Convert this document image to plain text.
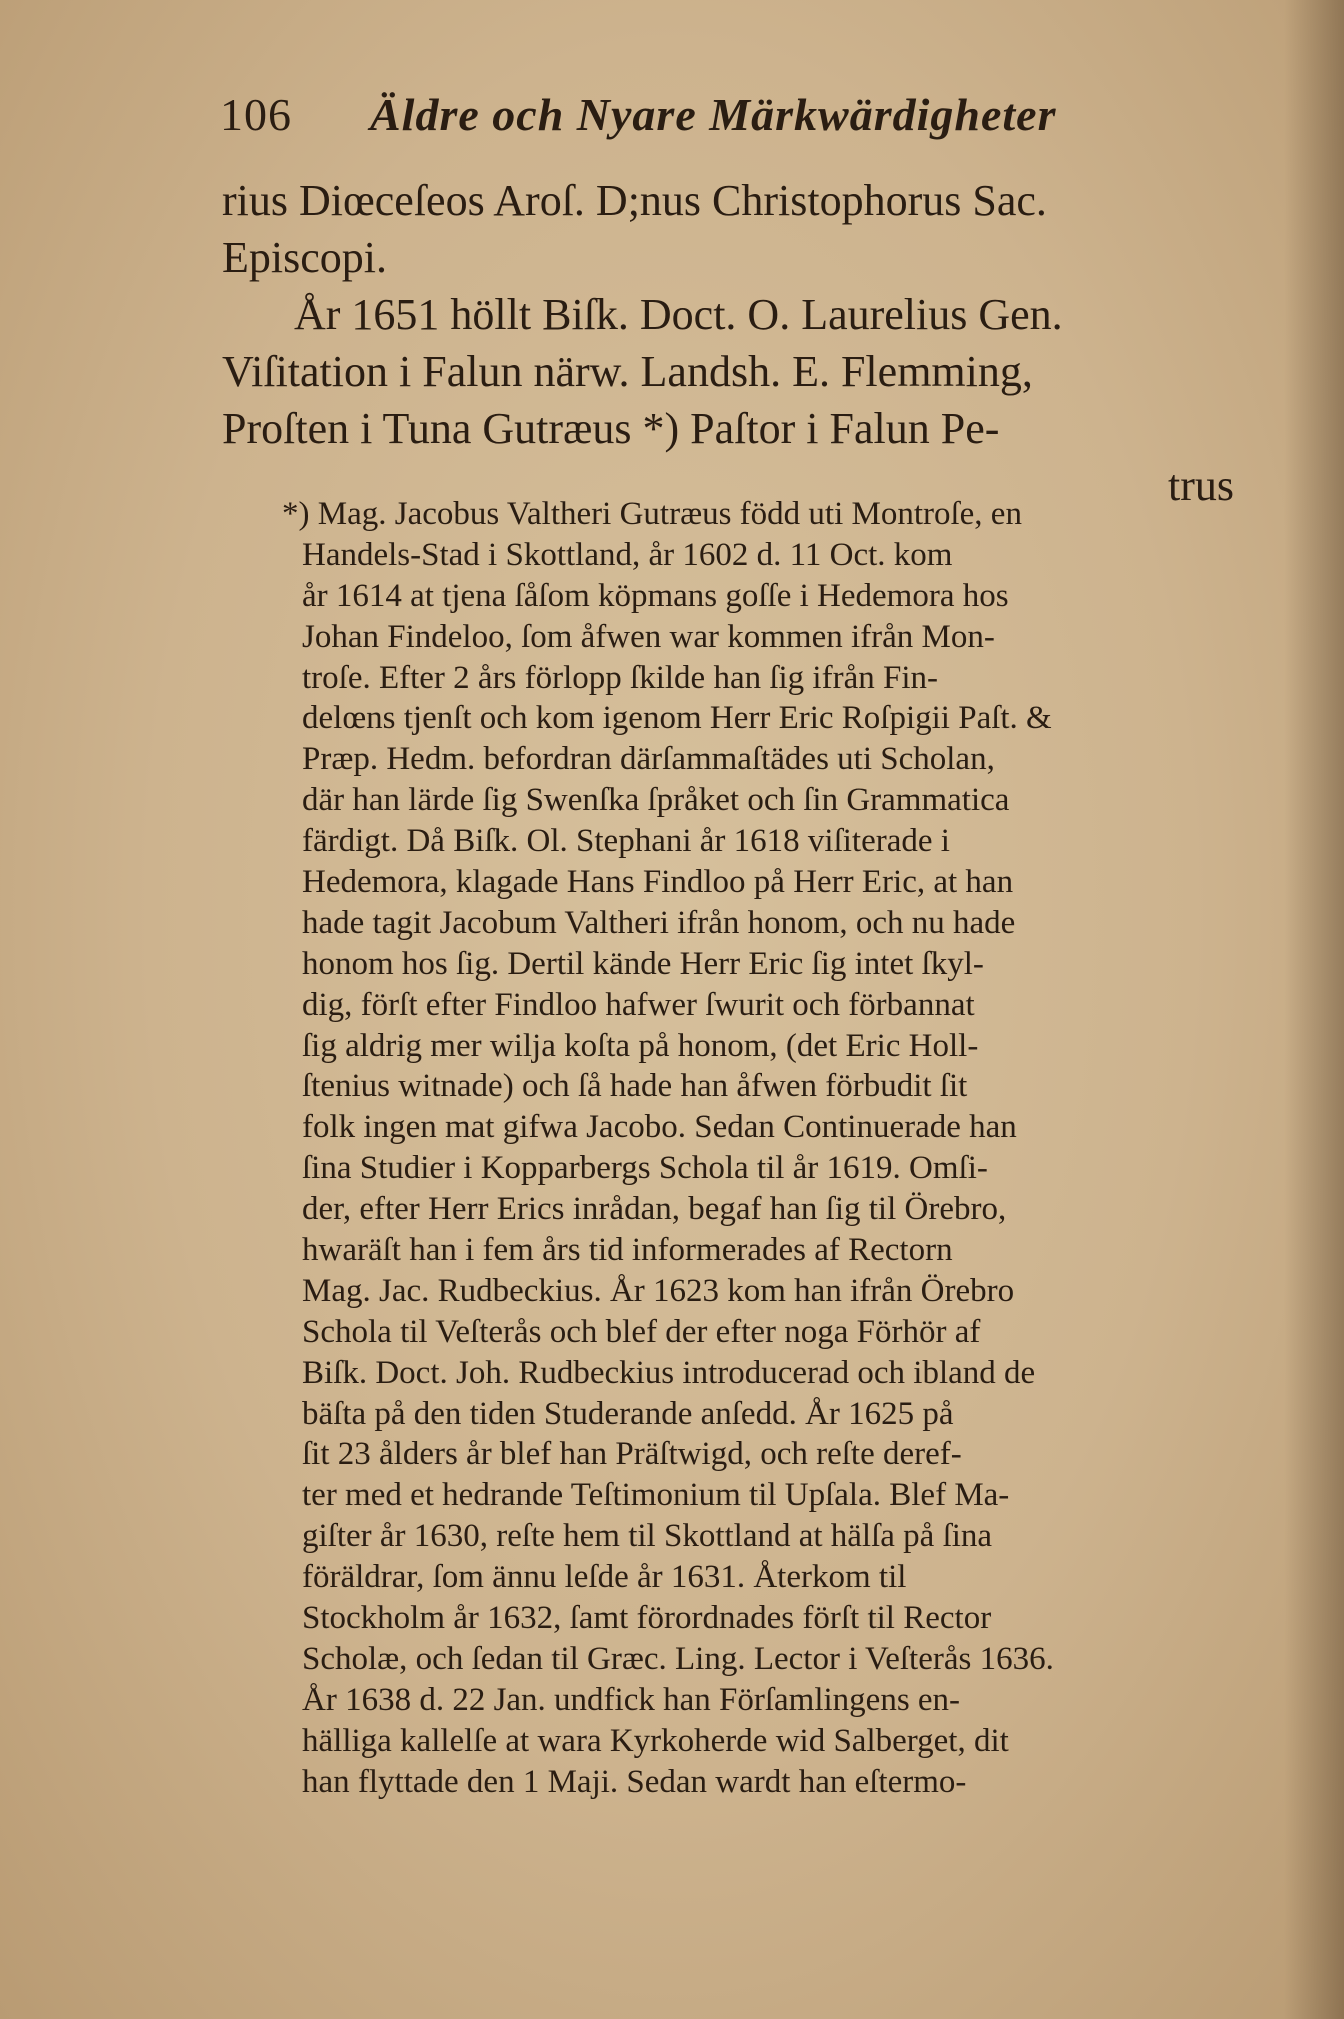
106 Äldre och Nyare Märkwärdigheter
rius Diœceſeos Aroſ. D;nus Christophorus Sac.
Episcopi.
År 1651 höllt Biſk. Doct. O. Laurelius Gen.
Viſitation i Falun närw. Landsh. E. Flemming,
Proſten i Tuna Gutræus *) Paſtor i Falun Pe-
trus
*) Mag. Jacobus Valtheri Gutræus född uti Montroſe, en
Handels-Stad i Skottland, år 1602 d. 11 Oct. kom
år 1614 at tjena ſåſom köpmans goſſe i Hedemora hos
Johan Findeloo, ſom åfwen war kommen ifrån Mon-
troſe. Efter 2 års förlopp ſkilde han ſig ifrån Fin-
delœns tjenſt och kom igenom Herr Eric Roſpigii Paſt. &
Præp. Hedm. befordran därſammaſtädes uti Scholan,
där han lärde ſig Swenſka ſpråket och ſin Grammatica
färdigt. Då Biſk. Ol. Stephani år 1618 viſiterade i
Hedemora, klagade Hans Findloo på Herr Eric, at han
hade tagit Jacobum Valtheri ifrån honom, och nu hade
honom hos ſig. Dertil kände Herr Eric ſig intet ſkyl-
dig, förſt efter Findloo hafwer ſwurit och förbannat
ſig aldrig mer wilja koſta på honom, (det Eric Holl-
ſtenius witnade) och ſå hade han åfwen förbudit ſit
folk ingen mat gifwa Jacobo. Sedan Continuerade han
ſina Studier i Kopparbergs Schola til år 1619. Omſi-
der, efter Herr Erics inrådan, begaf han ſig til Örebro,
hwaräſt han i fem års tid informerades af Rectorn
Mag. Jac. Rudbeckius. År 1623 kom han ifrån Örebro
Schola til Veſterås och blef der efter noga Förhör af
Biſk. Doct. Joh. Rudbeckius introducerad och ibland de
bäſta på den tiden Studerande anſedd. År 1625 på
ſit 23 ålders år blef han Präſtwigd, och reſte deref-
ter med et hedrande Teſtimonium til Upſala. Blef Ma-
giſter år 1630, reſte hem til Skottland at hälſa på ſina
föräldrar, ſom ännu leſde år 1631. Återkom til
Stockholm år 1632, ſamt förordnades förſt til Rector
Scholæ, och ſedan til Græc. Ling. Lector i Veſterås 1636.
År 1638 d. 22 Jan. undfick han Förſamlingens en-
hälliga kallelſe at wara Kyrkoherde wid Salberget, dit
han flyttade den 1 Maji. Sedan wardt han eſtermo-
